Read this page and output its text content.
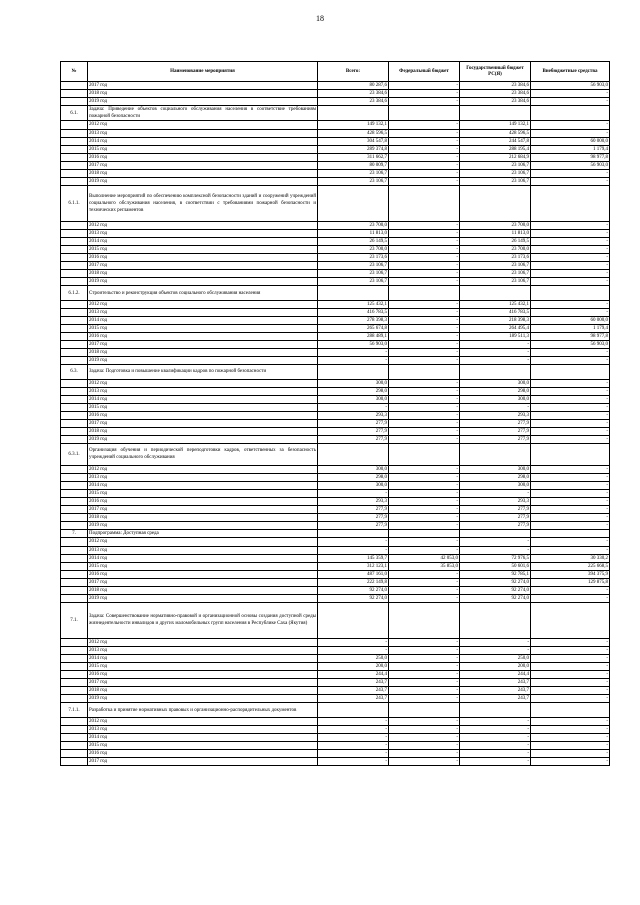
18
№	Наименование мероприятия	Всего:	Федеральный бюджет	Государственный бюджет РС(Я)	Внебюджетные средства
	2017 год	80 287,6	-	23 384,6	56 903,0
	2018 год	23 384,6	-	23 384,6	-
	2019 год	23 384,6	-	23 384,6	-
6.1.	Задача: Приведение объектов социального обслуживания населения в соответствие требованиям пожарной безопасности				
	2012 год	149 132,1	-	149 132,1	-
	2013 год	428 596,5	-	428 596,5	-
	2014 год	304 547,8	-	244 547,8	60 000,0
	2015 год	289 374,8	-	288 195,4	1 179,4
	2016 год	311 662,7	-	212 684,9	98 977,8
	2017 год	80 009,7	-	23 106,7	56 903,0
	2018 год	23 106,7	-	23 106,7	-
	2019 год	23 106,7	-	23 106,7	-
6.1.1.	Выполнение мероприятий по обеспечению комплексной безопасности зданий и сооружений учреждений социального обслуживания населения, в соответствии с требованиями пожарной безопасности и технических регламентов				
	2012 год	23 700,0	-	23 700,0	-
	2013 год	11 813,0	-	11 813,0	-
	2014 год	26 149,5	-	26 149,5	-
	2015 год	23 700,0	-	23 700,0	-
	2016 год	23 173,6	-	23 173,6	-
	2017 год	23 106,7	-	23 106,7	-
	2018 год	23 106,7	-	23 106,7	-
	2019 год	23 106,7	-	23 106,7	-
6.1.2.	Строительство и реконструкция объектов социального обслуживания населения				
	2012 год	125 432,1	-	125 432,1	-
	2013 год	416 783,5	-	416 783,5	-
	2014 год	278 398,3	-	218 398,3	60 000,0
	2015 год	265 674,8	-	264 495,4	1 179,4
	2016 год	288 489,1	-	189 511,3	98 977,8
	2017 год	56 903,0	-	-	56 903,0
	2018 год	-	-	-	-
	2019 год	-	-	-	-
6.3.	Задача: Подготовка и повышение квалификации кадров по пожарной безопасности				
	2012 год	300,0	-	300,0	-
	2013 год	298,0	-	298,0	-
	2014 год	300,0	-	300,0	-
	2015 год	-	-	-	-
	2016 год	293,3	-	293,3	-
	2017 год	277,9	-	277,9	-
	2018 год	277,9	-	277,9	-
	2019 год	277,9	-	277,9	-
6.3.1.	Организация обучения и периодической переподготовки кадров, ответственных за безопасность учреждений социального обслуживания				
	2012 год	300,0	-	300,0	-
	2013 год	298,0	-	298,0	-
	2014 год	300,0	-	300,0	-
	2015 год	-	-	-	-
	2016 год	293,3	-	293,3	-
	2017 год	277,9	-	277,9	-
	2018 год	277,9	-	277,9	-
	2019 год	277,9	-	277,9	-
7.	Подпрограмма: Доступная среда				
	2012 год	-	-	-	-
	2013 год	-	-	-	-
	2014 год	145 359,7	42 053,0	72 976,5	30 330,2
	2015 год	312 123,1	35 853,0	50 601,6	225 668,5
	2016 год	487 161,0	-	92 785,1	394 375,9
	2017 год	222 149,8	-	92 274,0	129 875,8
	2018 год	92 274,0	-	92 274,0	-
	2019 год	92 274,0	-	92 274,0	-
7.1.	Задача: Совершенствование нормативно-правовой и организационной основы создания доступной среды жизнедеятельности инвалидов и других маломобильных групп населения в Республике Саха (Якутия)				
	2012 год	-	-	-	-
	2013 год	-	-	-	-
	2014 год	250,0	-	250,0	-
	2015 год	200,0	-	200,0	-
	2016 год	244,4	-	244,4	-
	2017 год	243,7	-	243,7	-
	2018 год	243,7	-	243,7	-
	2019 год	243,7	-	243,7	-
7.1.1.	Разработка и принятие нормативных правовых и организационно-распорядительных документов				
	2012 год	-	-	-	-
	2013 год	-	-	-	-
	2014 год	-	-	-	-
	2015 год	-	-	-	-
	2016 год	-	-	-	-
	2017 год	-	-	-	-
